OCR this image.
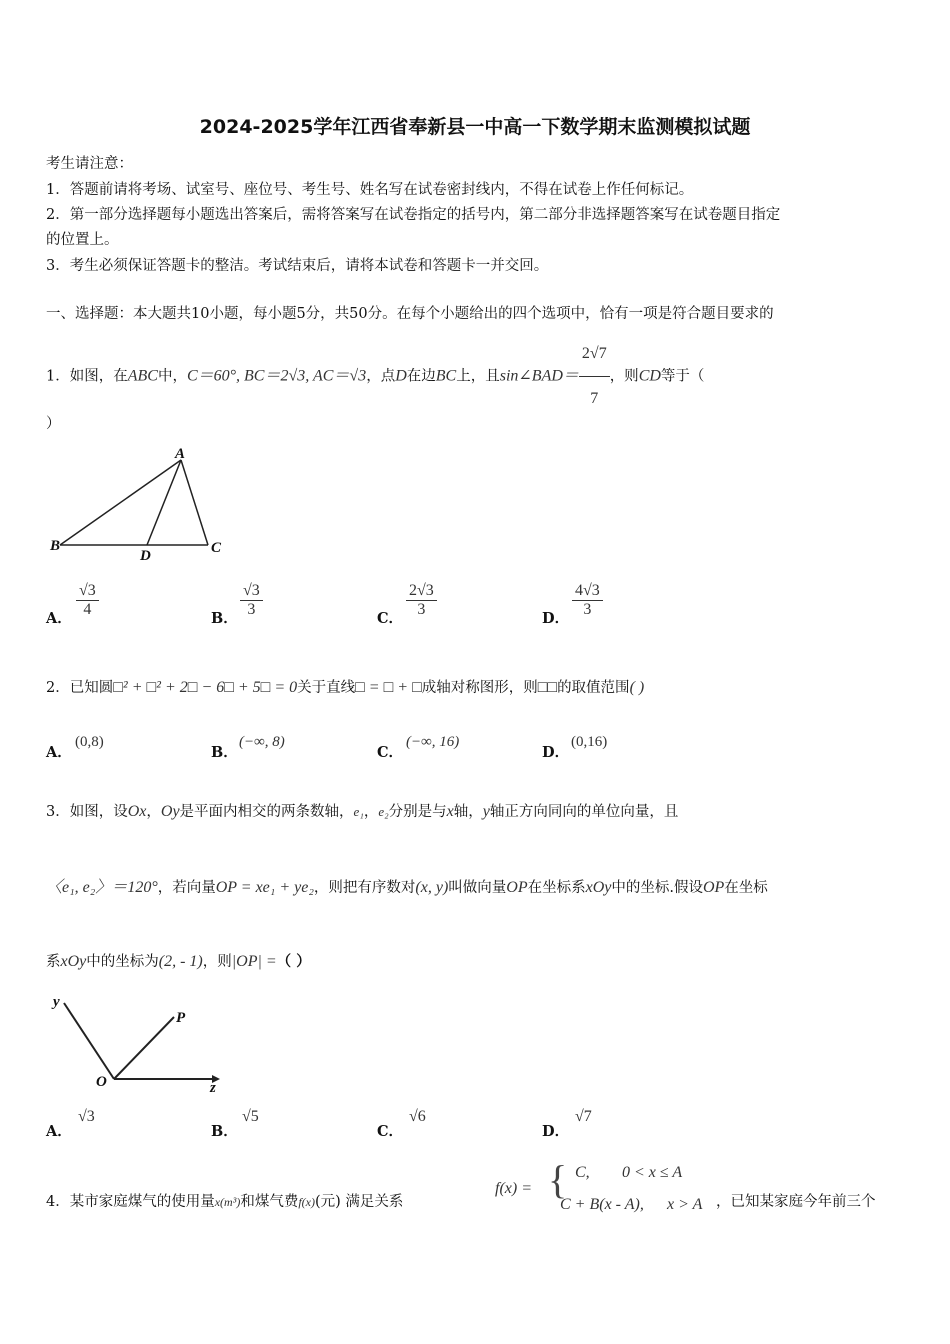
2024-2025学年江西省奉新县一中高一下数学期末监测模拟试题
考生请注意：
1．答题前请将考场、试室号、座位号、考生号、姓名写在试卷密封线内，不得在试卷上作任何标记。
2．第一部分选择题每小题选出答案后，需将答案写在试卷指定的括号内，第二部分非选择题答案写在试卷题目指定
的位置上。
3．考生必须保证答题卡的整洁。考试结束后，请将本试卷和答题卡一并交回。
一、选择题：本大题共10小题，每小题5分，共50分。在每个小题给出的四个选项中，恰有一项是符合题目要求的
1．如图，在ABC中，C＝60°, BC＝2√3, AC＝√3，点D在边BC上，且sin∠BAD＝ $\frac{2√7}{7}$ ，则CD等于（
）
A
B	C
D
A． $\frac{√3}{4}$	B． $\frac{√3}{3}$	C． $\frac{2√3}{3}$	D． $\frac{4√3}{3}$
2．已知圆□² + □² + 2□ − 6□ + 5□ = 0关于直线□ = □ + □成轴对称图形，则□□的取值范围( )
A．
(0,8)
B．
(−∞, 8)
C．
(−∞, 16)
D．
(0,16)
3．如图，设Ox，Oy是平面内相交的两条数轴，e₁，e₂分别是与x轴，y轴正方向同向的单位向量，且
〈e₁, e₂〉＝120°，若向量OP = xe₁ + ye₂，则把有序数对(x, y)叫做向量OP在坐标系xOy中的坐标.假设OP在坐标
系xOy中的坐标为(2, - 1)，则|OP| =（ ）
y
P
O	z
A．
√3
B．
√5
C．
√6
D．
√7
4．某市家庭煤气的使用量x(m³)和煤气费f(x)(元) 满足关系
f(x) = { C, 0 < x ≤ A
C + B(x - A), x > A ，已知某家庭今年前三个
